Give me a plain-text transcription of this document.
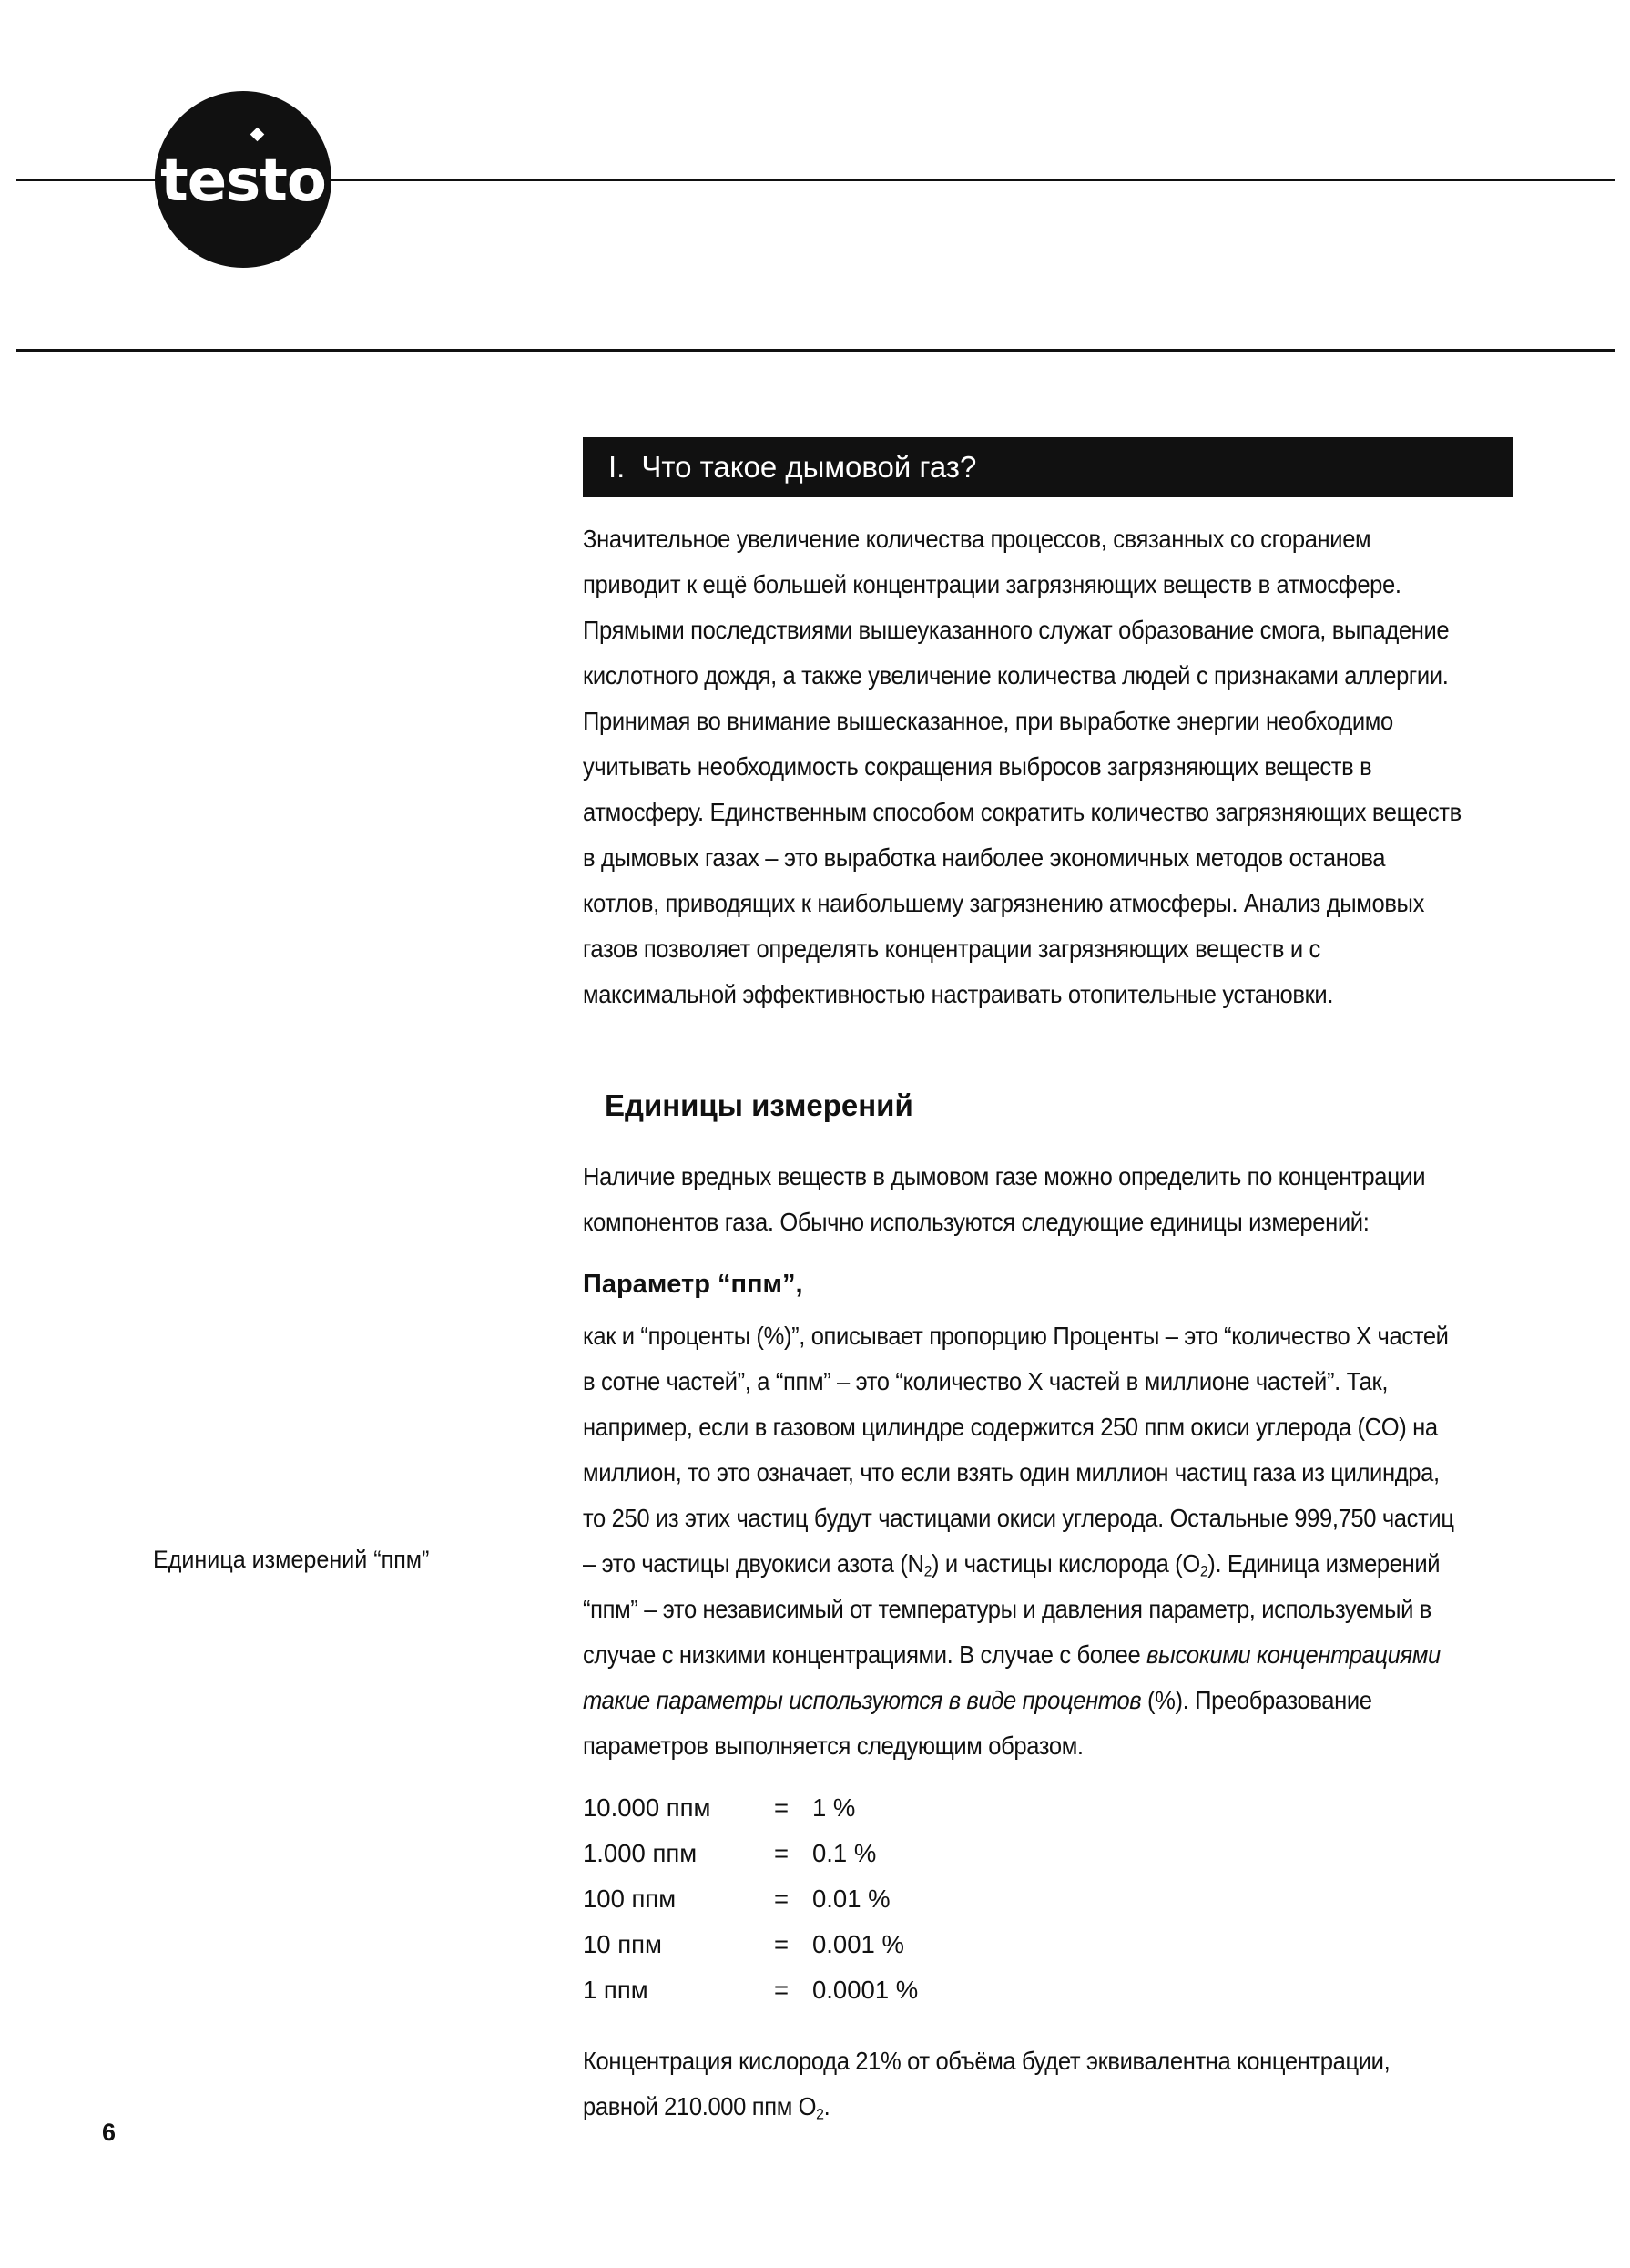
testo
I. Что такое дымовой газ?

Значительное увеличение количества процессов, связанных со сгоранием приводит к ещё большей концентрации загрязняющих веществ в атмосфере. Прямыми последствиями вышеуказанного служат образование смога, выпадение кислотного дождя, а также увеличение количества людей с признаками аллергии. Принимая во внимание вышесказанное, при выработке энергии необходимо учитывать необходимость сокращения выбросов загрязняющих веществ в атмосферу. Единственным способом сократить количество загрязняющих веществ в дымовых газах – это выработка наиболее экономичных методов останова котлов, приводящих к наибольшему загрязнению атмосферы. Анализ дымовых газов позволяет определять концентрации загрязняющих веществ и с максимальной эффективностью настраивать отопительные установки.

Единицы измерений

Наличие вредных веществ в дымовом газе можно определить по концентрации компонентов газа. Обычно используются следующие единицы измерений:

Параметр “ппм”,

как и “проценты (%)”, описывает пропорцию Проценты – это “количество X частей в сотне частей”, а “ппм” – это “количество X частей в миллионе частей”. Так, например, если в газовом цилиндре содержится 250 ппм окиси углерода (CO) на миллион, то это означает, что если взять один миллион частиц газа из цилиндра, то 250 из этих частиц будут частицами окиси углерода. Остальные 999,750 частиц – это частицы двуокиси азота $(N_2)$ и частицы кислорода $(O_2)$. Единица измерений “ппм” – это независимый от температуры и давления параметр, используемый в случае с низкими концентрациями. В случае с более высокими концентрациями такие параметры используются в виде процентов (%). Преобразование параметров выполняется следующим образом.

Единица измерений “ппм”
10.000 ппм	= 1 %
1.000 ппм	= 0.1 %
100 ппм	= 0.01 %
10 ппм	= 0.001 %
1 ппм	= 0.0001 %

Концентрация кислорода 21% от объёма будет эквивалентна концентрации, равной 210.000 ппм $O_2$.

6
